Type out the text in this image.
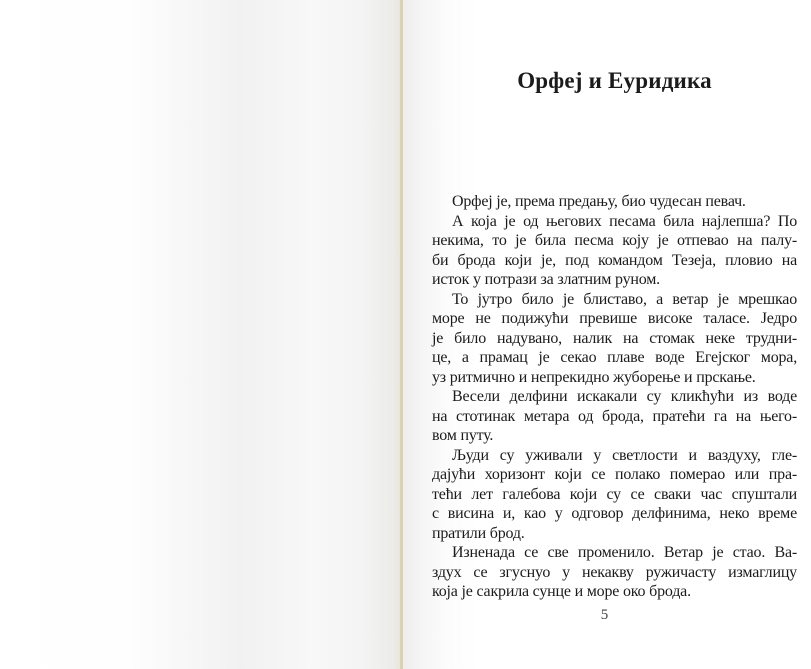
Орфеј и Еуридика
Орфеј је, према предању, био чудесан певач.
А која је од његових песама била најлепша? По
некима, то је била песма коју је отпевао на палу-
би брода који је, под командом Тезеја, пловио на
исток у потрази за златним руном.
То јутро било је блиставо, а ветар је мрешкао
море не подижући превише високе таласе. Једро
је било надувано, налик на стомак неке трудни-
це, а прамац је секао плаве воде Егејског мора,
уз ритмично и непрекидно жуборење и прскање.
Весели делфини искакали су кликћући из воде
на стотинак метара од брода, пратећи га на њего-
вом путу.
Људи су уживали у светлости и ваздуху, гле-
дајући хоризонт који се полако померао или пра-
тећи лет галебова који су се сваки час спуштали
с висина и, као у одговор делфинима, неко време
пратили брод.
Изненада се све променило. Ветар је стао. Ва-
здух се згуснуо у некакву ружичасту измаглицу
која је сакрила сунце и море око брода.
5
